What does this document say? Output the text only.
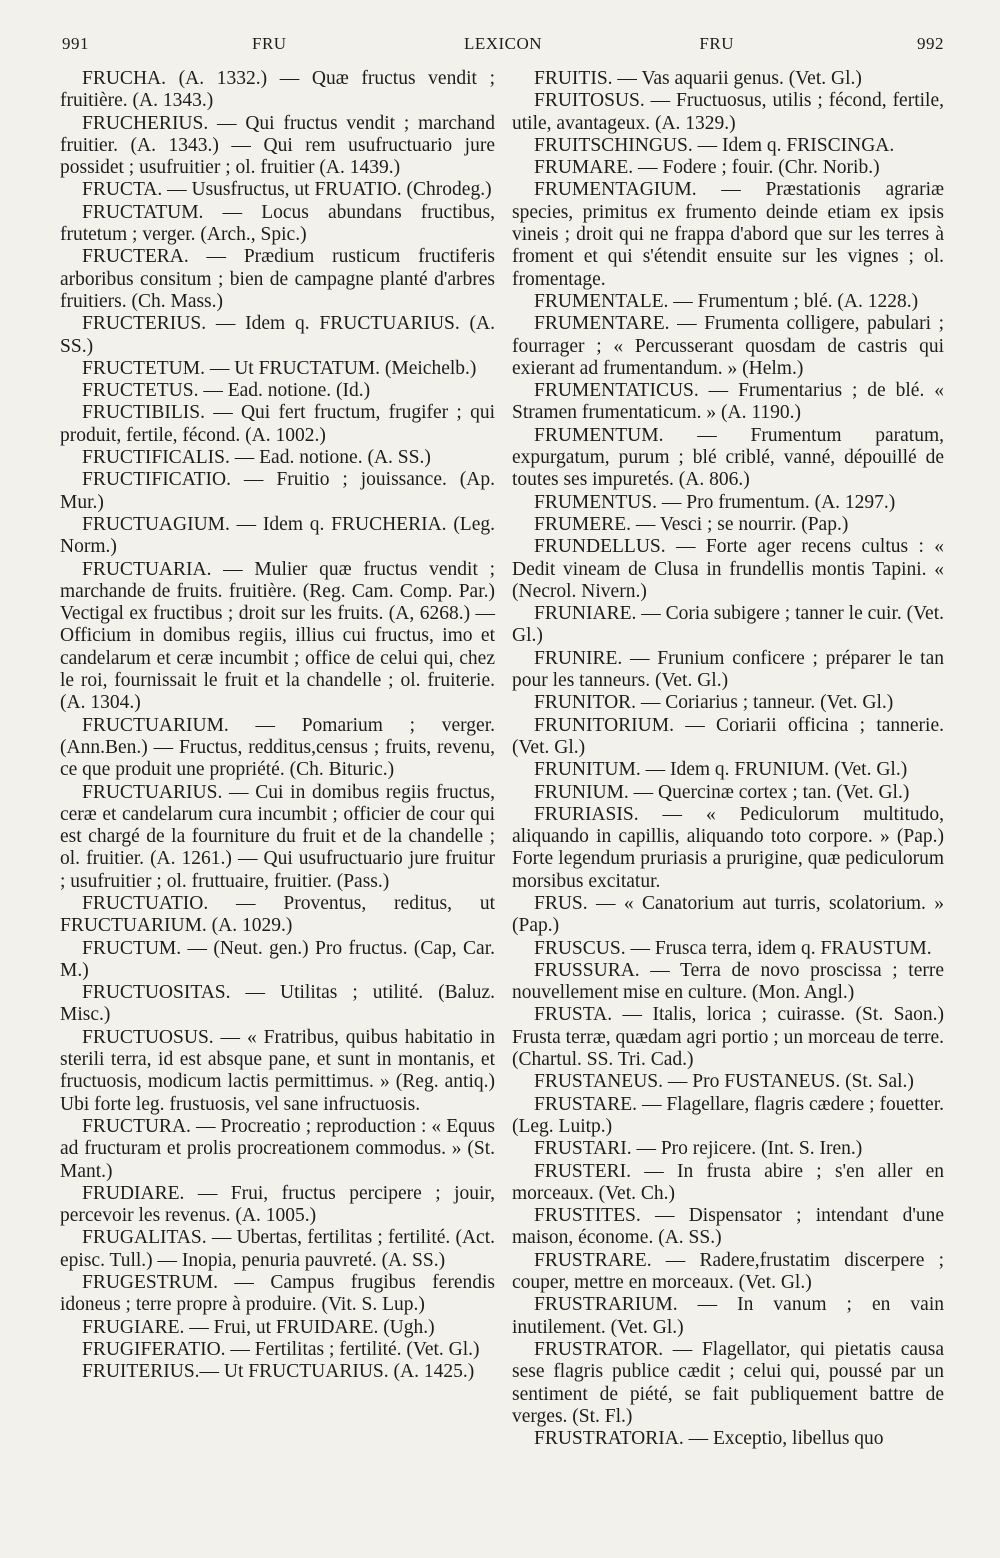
991	FRU	LEXICON	FRU	992

FRUCHA. (A. 1332.) — Quæ fructus vendit ; fruitière. (A. 1343.)

FRUCHERIUS. — Qui fructus vendit ; marchand fruitier. (A. 1343.) — Qui rem usufructuario jure possidet ; usufruitier ; ol. fruitier (A. 1439.)

FRUCTA. — Ususfructus, ut FRUATIO. (Chrodeg.)

FRUCTATUM. — Locus abundans fructibus, frutetum ; verger. (Arch., Spic.)

FRUCTERA. — Prædium rusticum fructiferis arboribus consitum ; bien de campagne planté d'arbres fruitiers. (Ch. Mass.)

FRUCTERIUS. — Idem q. FRUCTUARIUS. (A. SS.)

FRUCTETUM. — Ut FRUCTATUM. (Meichelb.)

FRUCTETUS. — Ead. notione. (Id.)

FRUCTIBILIS. — Qui fert fructum, frugifer ; qui produit, fertile, fécond. (A. 1002.)

FRUCTIFICALIS. — Ead. notione. (A. SS.)

FRUCTIFICATIO. — Fruitio ; jouissance. (Ap. Mur.)

FRUCTUAGIUM. — Idem q. FRUCHERIA. (Leg. Norm.)

FRUCTUARIA. — Mulier quæ fructus vendit ; marchande de fruits. fruitière. (Reg. Cam. Comp. Par.) Vectigal ex fructibus ; droit sur les fruits. (A, 6268.) — Officium in domibus regiis, illius cui fructus, imo et candelarum et ceræ incumbit ; office de celui qui, chez le roi, fournissait le fruit et la chandelle ; ol. fruiterie. (A. 1304.)

FRUCTUARIUM. — Pomarium ; verger. (Ann.Ben.) — Fructus, redditus,census ; fruits, revenu, ce que produit une propriété. (Ch. Bituric.)

FRUCTUARIUS. — Cui in domibus regiis fructus, ceræ et candelarum cura incumbit ; officier de cour qui est chargé de la fourniture du fruit et de la chandelle ; ol. fruitier. (A. 1261.) — Qui usufructuario jure fruitur ; usufruitier ; ol. fruttuaire, fruitier. (Pass.)

FRUCTUATIO. — Proventus, reditus, ut FRUCTUARIUM. (A. 1029.)

FRUCTUM. — (Neut. gen.) Pro fructus. (Cap, Car. M.)

FRUCTUOSITAS. — Utilitas ; utilité. (Baluz. Misc.)

FRUCTUOSUS. — « Fratribus, quibus habitatio in sterili terra, id est absque pane, et sunt in montanis, et fructuosis, modicum lactis permittimus. » (Reg. antiq.) Ubi forte leg. frustuosis, vel sane infructuosis.

FRUCTURA. — Procreatio ; reproduction : « Equus ad fructuram et prolis procreationem commodus. » (St. Mant.)

FRUDIARE. — Frui, fructus percipere ; jouir, percevoir les revenus. (A. 1005.)

FRUGALITAS. — Ubertas, fertilitas ; fertilité. (Act. episc. Tull.) — Inopia, penuria pauvreté. (A. SS.)

FRUGESTRUM. — Campus frugibus ferendis idoneus ; terre propre à produire. (Vit. S. Lup.)

FRUGIARE. — Frui, ut FRUIDARE. (Ugh.)

FRUGIFERATIO. — Fertilitas ; fertilité. (Vet. Gl.)

FRUITERIUS.— Ut FRUCTUARIUS. (A. 1425.)

FRUITIS. — Vas aquarii genus. (Vet. Gl.)

FRUITOSUS. — Fructuosus, utilis ; fécond, fertile, utile, avantageux. (A. 1329.)

FRUITSCHINGUS. — Idem q. FRISCINGA.

FRUMARE. — Fodere ; fouir. (Chr. Norib.)

FRUMENTAGIUM. — Præstationis agrariæ species, primitus ex frumento deinde etiam ex ipsis vineis ; droit qui ne frappa d'abord que sur les terres à froment et qui s'étendit ensuite sur les vignes ; ol. fromentage.

FRUMENTALE. — Frumentum ; blé. (A. 1228.)

FRUMENTARE. — Frumenta colligere, pabulari ; fourrager ; « Percusserant quosdam de castris qui exierant ad frumentandum. » (Helm.)

FRUMENTATICUS. — Frumentarius ; de blé. « Stramen frumentaticum. » (A. 1190.)

FRUMENTUM. — Frumentum paratum, expurgatum, purum ; blé criblé, vanné, dépouillé de toutes ses impuretés. (A. 806.)

FRUMENTUS. — Pro frumentum. (A. 1297.)

FRUMERE. — Vesci ; se nourrir. (Pap.)

FRUNDELLUS. — Forte ager recens cultus : « Dedit vineam de Clusa in frundellis montis Tapini. « (Necrol. Nivern.)

FRUNIARE. — Coria subigere ; tanner le cuir. (Vet. Gl.)

FRUNIRE. — Frunium conficere ; préparer le tan pour les tanneurs. (Vet. Gl.)

FRUNITOR. — Coriarius ; tanneur. (Vet. Gl.)

FRUNITORIUM. — Coriarii officina ; tannerie. (Vet. Gl.)

FRUNITUM. — Idem q. FRUNIUM. (Vet. Gl.)

FRUNIUM. — Quercinæ cortex ; tan. (Vet. Gl.)

FRURIASIS. — « Pediculorum multitudo, aliquando in capillis, aliquando toto corpore. » (Pap.) Forte legendum pruriasis a prurigine, quæ pediculorum morsibus excitatur.

FRUS. — « Canatorium aut turris, scolatorium. » (Pap.)

FRUSCUS. — Frusca terra, idem q. FRAUSTUM.

FRUSSURA. — Terra de novo proscissa ; terre nouvellement mise en culture. (Mon. Angl.)

FRUSTA. — Italis, lorica ; cuirasse. (St. Saon.) Frusta terræ, quædam agri portio ; un morceau de terre. (Chartul. SS. Tri. Cad.)

FRUSTANEUS. — Pro FUSTANEUS. (St. Sal.)

FRUSTARE. — Flagellare, flagris cædere ; fouetter. (Leg. Luitp.)

FRUSTARI. — Pro rejicere. (Int. S. Iren.)

FRUSTERI. — In frusta abire ; s'en aller en morceaux. (Vet. Ch.)

FRUSTITES. — Dispensator ; intendant d'une maison, économe. (A. SS.)

FRUSTRARE. — Radere,frustatim discerpere ; couper, mettre en morceaux. (Vet. Gl.)

FRUSTRARIUM. — In vanum ; en vain inutilement. (Vet. Gl.)

FRUSTRATOR. — Flagellator, qui pietatis causa sese flagris publice cædit ; celui qui, poussé par un sentiment de piété, se fait publiquement battre de verges. (St. Fl.)

FRUSTRATORIA. — Exceptio, libellus quo
